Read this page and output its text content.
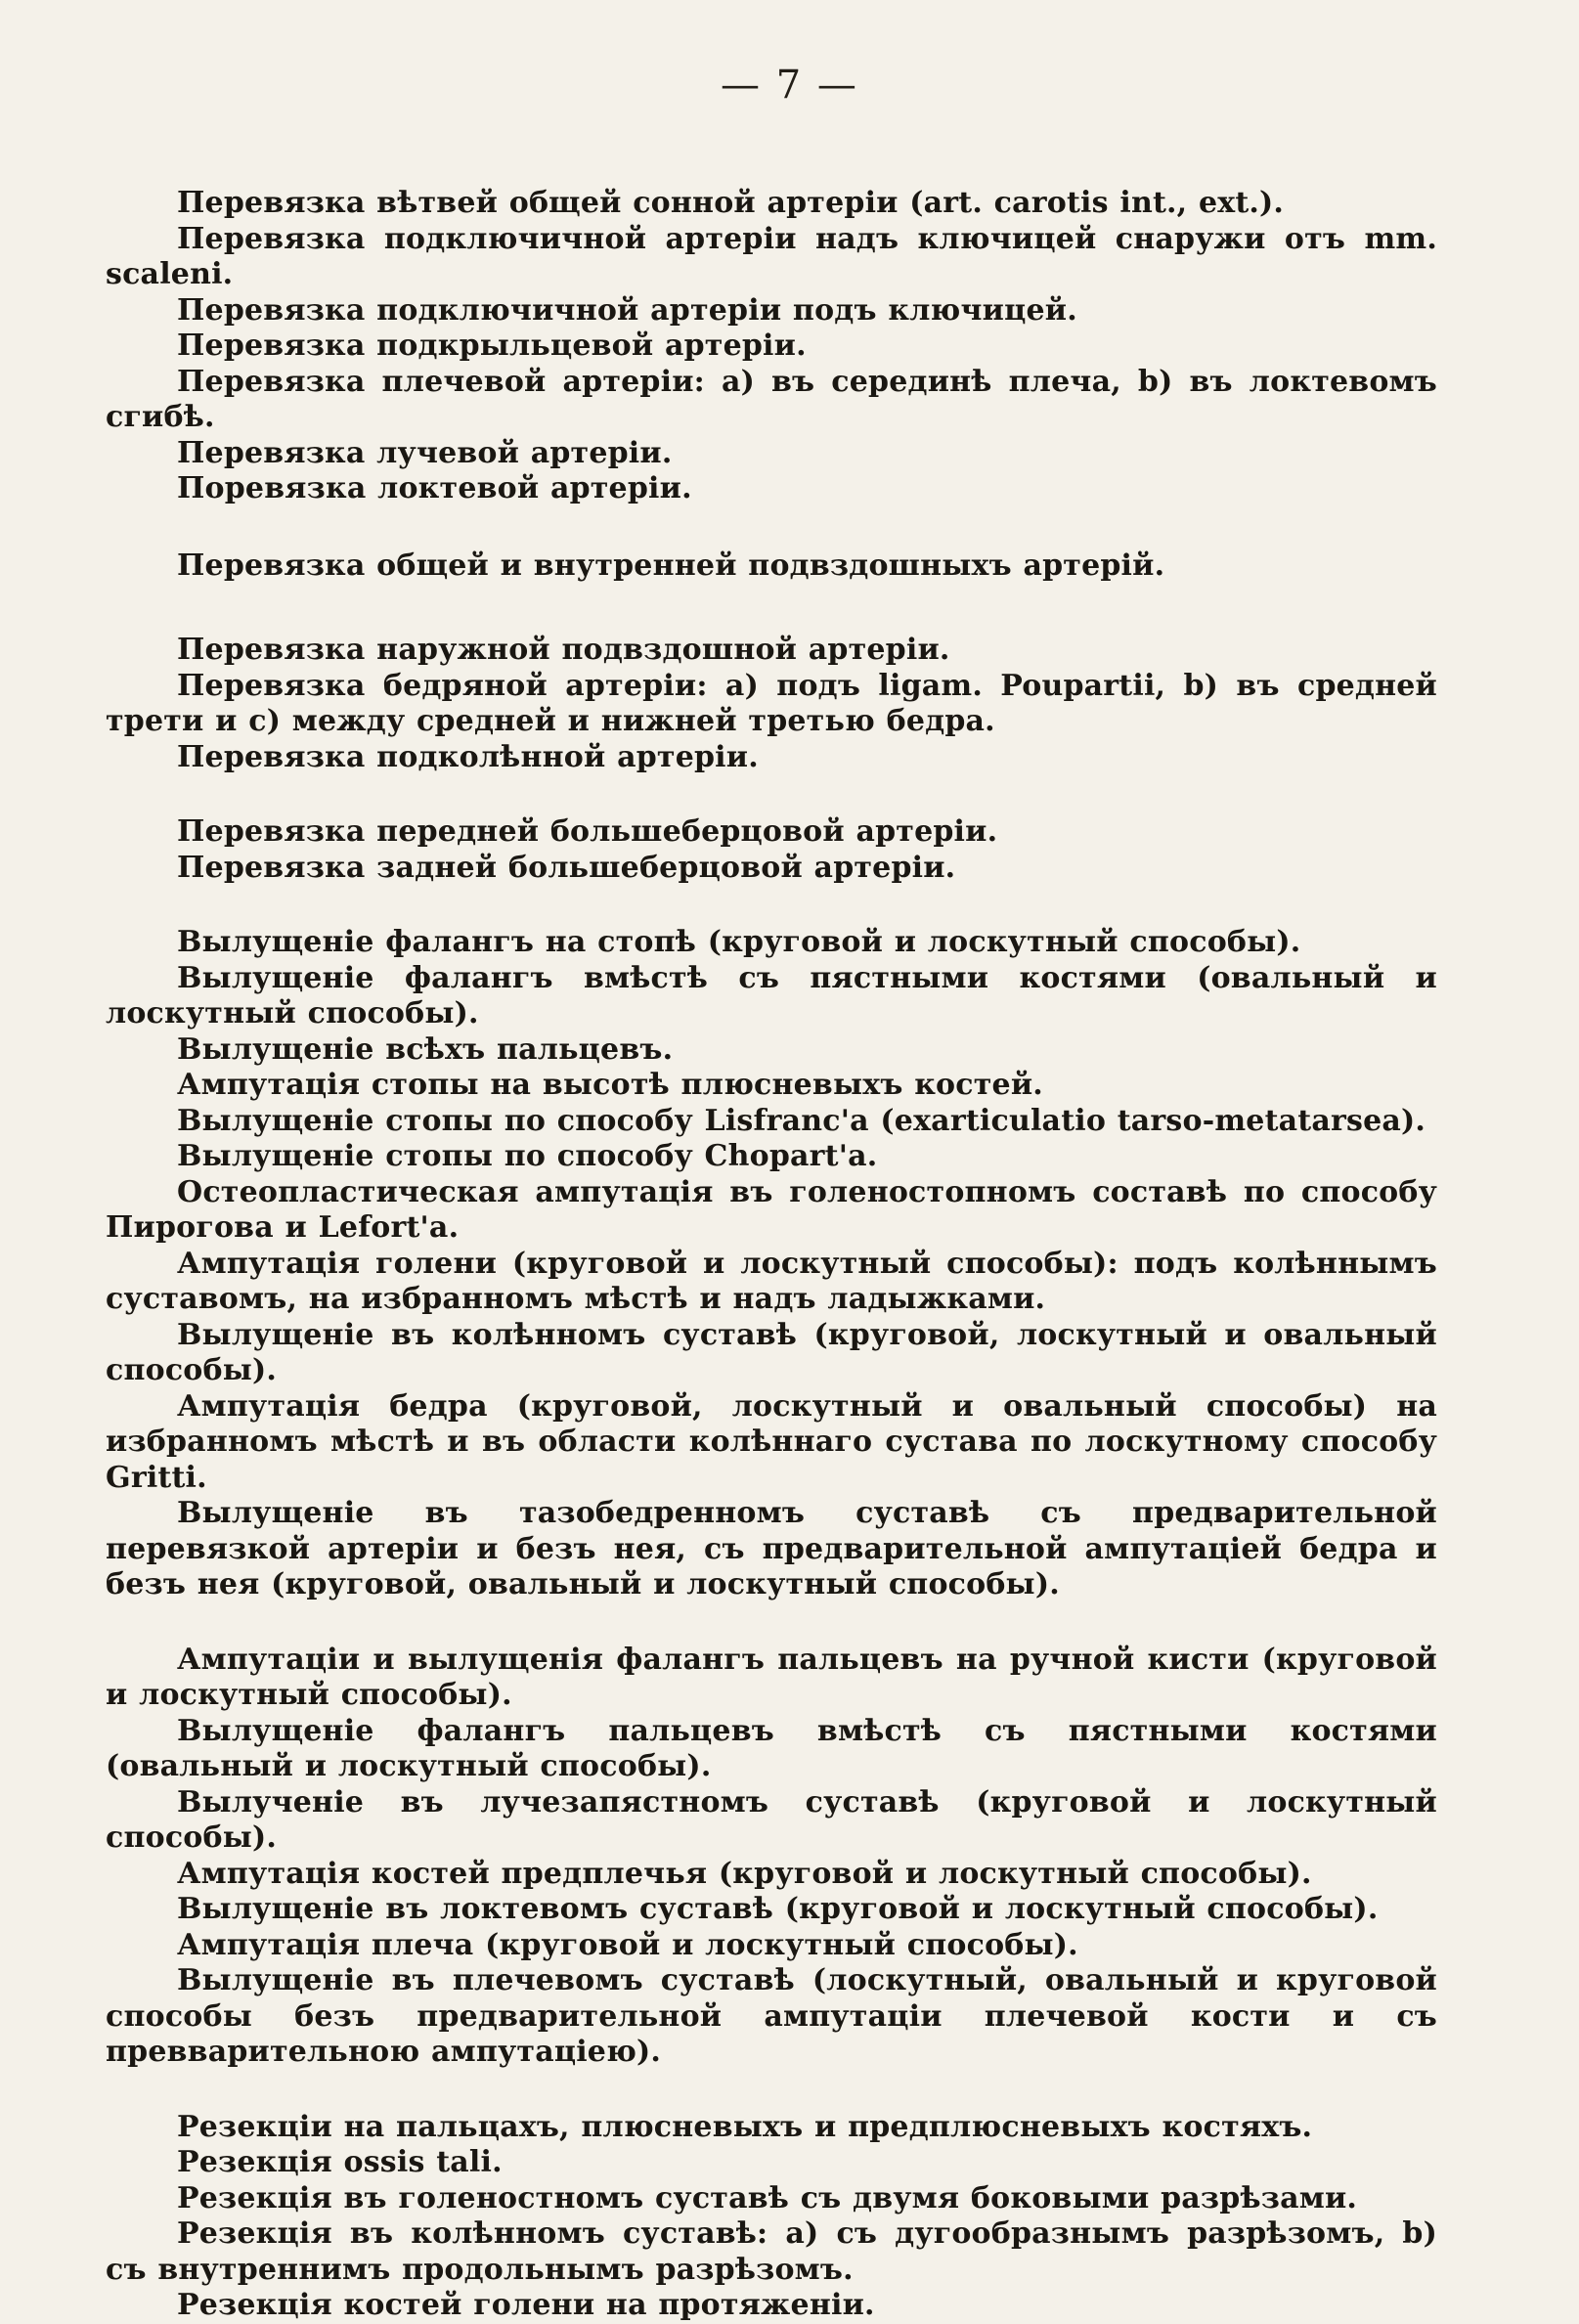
— 7 —
Перевязка вѣтвей общей сонной артеріи (art. carotis int., ext.).
Перевязка подключичной артеріи надъ ключицей снаружи отъ mm. scaleni.
Перевязка подключичной артеріи подъ ключицей.
Перевязка подкрыльцевой артеріи.
Перевязка плечевой артеріи: a) въ серединѣ плеча, b) въ локтевомъ сгибѣ.
Перевязка лучевой артеріи.
Поревязка локтевой артеріи.
Перевязка общей и внутренней подвздошныхъ артерій.
Перевязка наружной подвздошной артеріи.
Перевязка бедряной артеріи: a) подъ ligam. Poupartii, b) въ средней трети и c) между средней и нижней третью бедра.
Перевязка подколѣнной артеріи.
Перевязка передней большеберцовой артеріи.
Перевязка задней большеберцовой артеріи.
Вылущеніе фалангъ на стопѣ (круговой и лоскутный способы).
Вылущеніе фалангъ вмѣстѣ съ пястными костями (овальный и лоскутный способы).
Вылущеніе всѣхъ пальцевъ.
Ампутація стопы на высотѣ плюсневыхъ костей.
Вылущеніе стопы по способу Lisfranc'a (exarticulatio tarso-metatarsea).
Вылущеніе стопы по способу Chopart'a.
Остеопластическая ампутація въ голеностопномъ составѣ по способу Пирогова и Lefort'a.
Ампутація голени (круговой и лоскутный способы): подъ колѣннымъ суставомъ, на избранномъ мѣстѣ и надъ ладыжками.
Вылущеніе въ колѣнномъ суставѣ (круговой, лоскутный и овальный способы).
Ампутація бедра (круговой, лоскутный и овальный способы) на избранномъ мѣстѣ и въ области колѣннаго сустава по лоскутному способу Gritti.
Вылущеніе въ тазобедренномъ суставѣ съ предварительной перевязкой артеріи и безъ нея, съ предварительной ампутаціей бедра и безъ нея (круговой, овальный и лоскутный способы).
Ампутаціи и вылущенія фалангъ пальцевъ на ручной кисти (круговой и лоскутный способы).
Вылущеніе фалангъ пальцевъ вмѣстѣ съ пястными костями (овальный и лоскутный способы).
Вылученіе въ лучезапястномъ суставѣ (круговой и лоскутный способы).
Ампутація костей предплечья (круговой и лоскутный способы).
Вылущеніе въ локтевомъ суставѣ (круговой и лоскутный способы).
Ампутація плеча (круговой и лоскутный способы).
Вылущеніе въ плечевомъ суставѣ (лоскутный, овальный и круговой способы безъ предварительной ампутаціи плечевой кости и съ превварительною ампутаціею).
Резекціи на пальцахъ, плюсневыхъ и предплюсневыхъ костяхъ.
Резекція ossis tali.
Резекція въ голеностномъ суставѣ съ двумя боковыми разрѣзами.
Резекція въ колѣнномъ суставѣ: a) съ дугообразнымъ разрѣзомъ, b) съ внутреннимъ продольнымъ разрѣзомъ.
Резекція костей голени на протяженіи.
